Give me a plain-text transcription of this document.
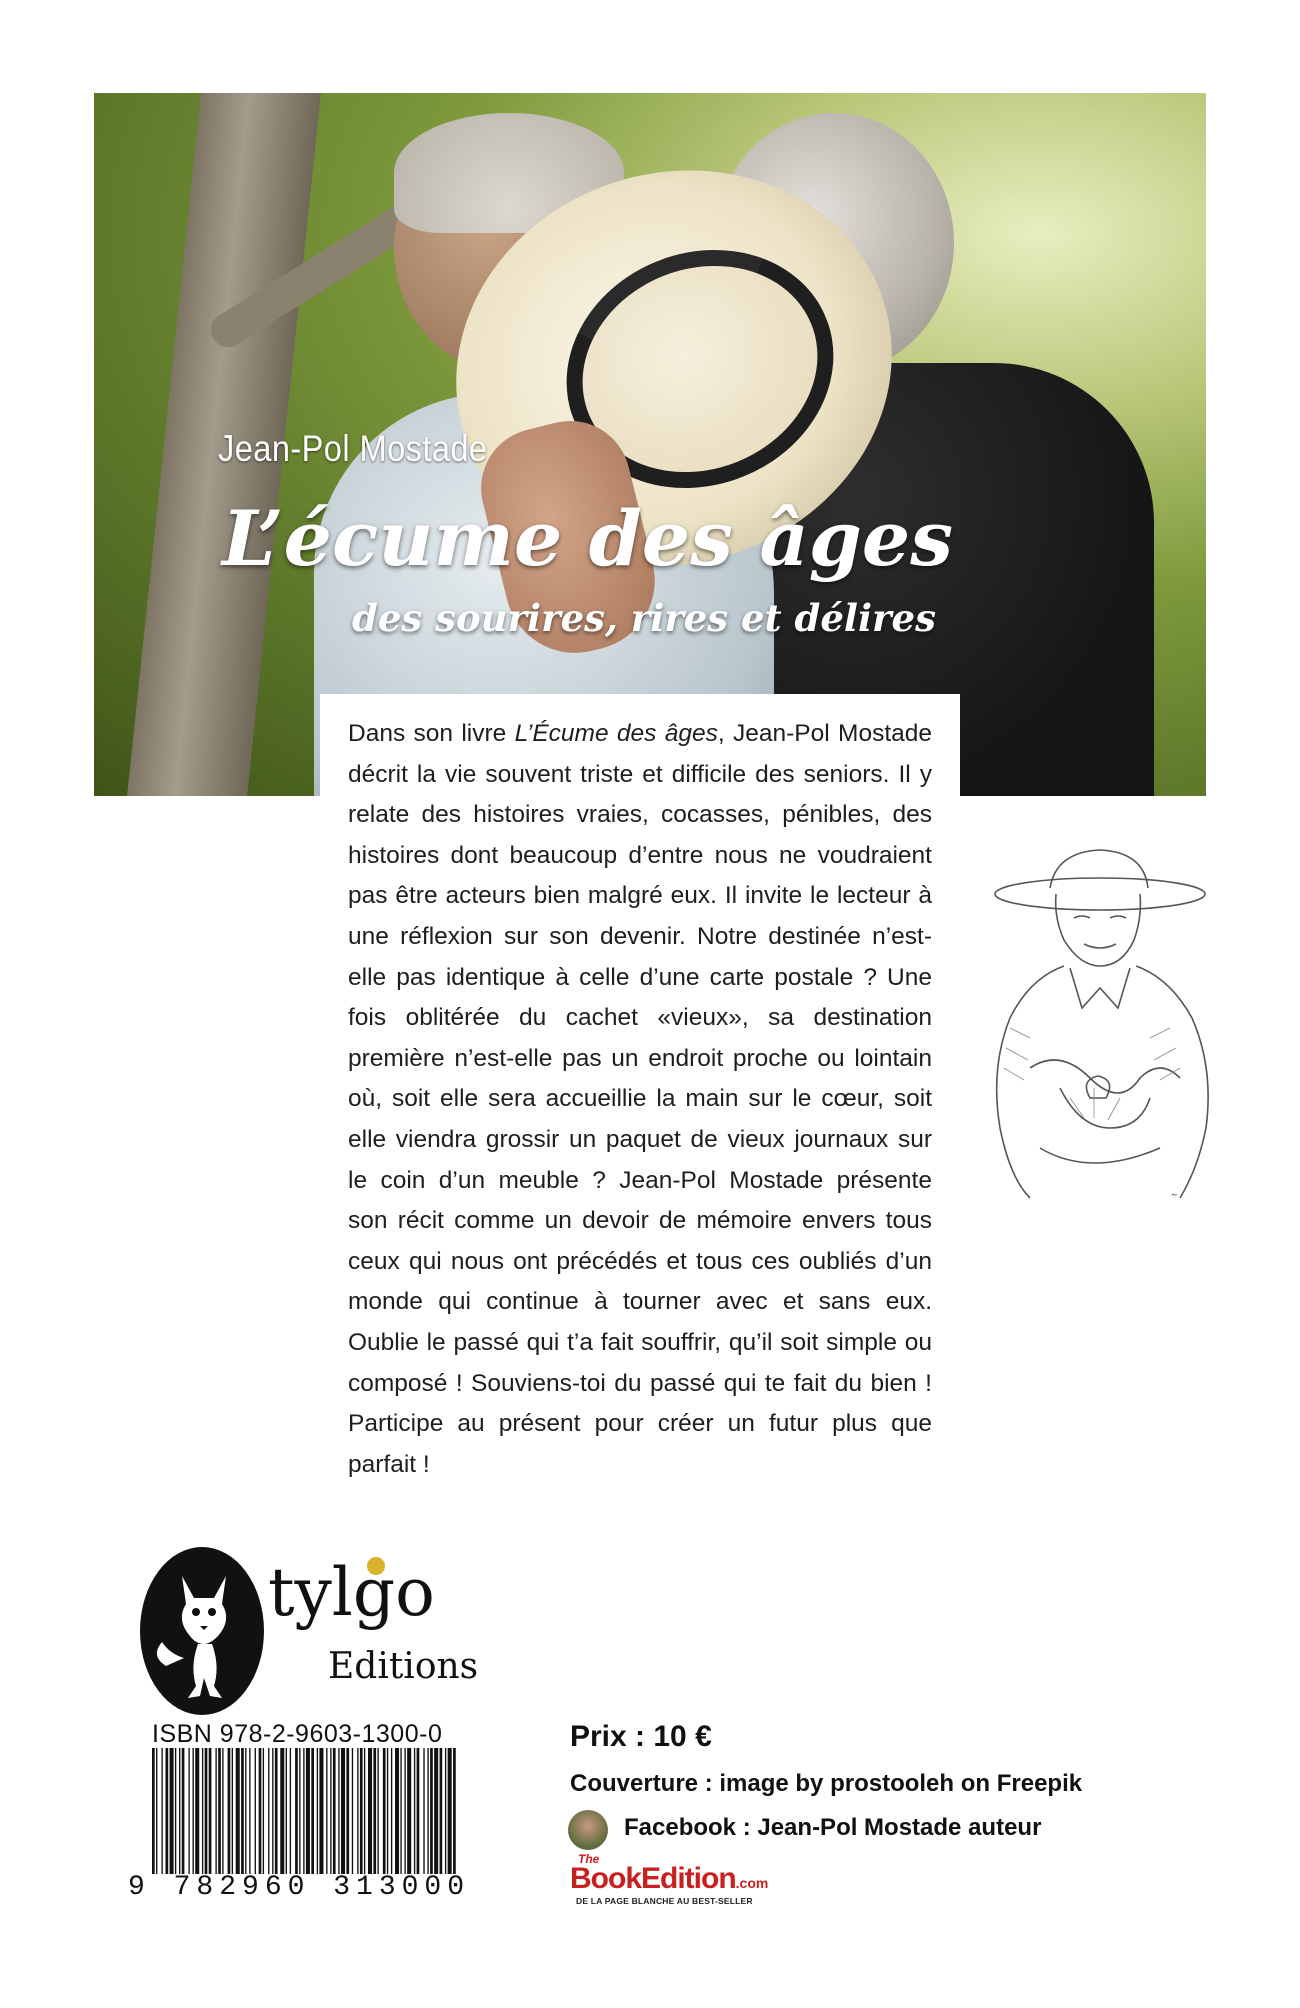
Jean-Pol Mostade
L’écume des âges
des sourires, rires et délires

Dans son livre L’Écume des âges, Jean-Pol Mostade décrit la vie souvent triste et difficile des seniors. Il y relate des histoires vraies, cocasses, pénibles, des histoires dont beaucoup d’entre nous ne voudraient pas être acteurs bien malgré eux. Il invite le lecteur à une réflexion sur son devenir. Notre destinée n’est-elle pas identique à celle d’une carte postale ? Une fois oblitérée du cachet «vieux», sa destination première n’est-elle pas un endroit proche ou lointain où, soit elle sera accueillie la main sur le cœur, soit elle viendra grossir un paquet de vieux journaux sur le coin d’un meuble ? Jean-Pol Mostade présente son récit comme un devoir de mémoire envers tous ceux qui nous ont précédés et tous ces oubliés d’un monde qui continue à tourner avec et sans eux. Oublie le passé qui t’a fait souffrir, qu’il soit simple ou composé ! Souviens-toi du passé qui te fait du bien ! Participe au présent pour créer un futur plus que parfait !

~
tylgo
Editions
ISBN 978-2-9603-1300-0
9 782960 313000
Prix : 10 €
Couverture : image by prostooleh on Freepik
Facebook : Jean-Pol Mostade auteur
The
BookEdition.com
DE LA PAGE BLANCHE AU BEST-SELLER
